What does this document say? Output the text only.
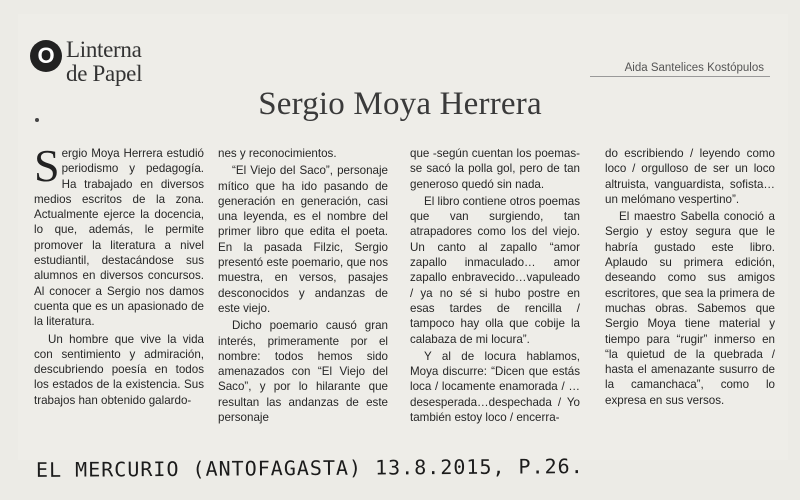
O Linterna
de Papel	Aida Santelices Kostópulos
Sergio Moya Herrera

Sergio Moya Herrera estudió periodismo y pedagogía. Ha trabajado en diversos medios escritos de la zona. Actualmente ejerce la docencia, lo que, además, le permite promover la literatura a nivel estudiantil, destacándose sus alumnos en diversos concursos. Al conocer a Sergio nos damos cuenta que es un apasionado de la literatura.

Un hombre que vive la vida con sentimiento y admiración, descubriendo poesía en todos los estados de la existencia. Sus trabajos han obtenido galardo-

nes y reconocimientos.

“El Viejo del Saco”, personaje mítico que ha ido pasando de generación en generación, casi una leyenda, es el nombre del primer libro que edita el poeta. En la pasada Filzic, Sergio presentó este poemario, que nos muestra, en versos, pasajes desconocidos y andanzas de este viejo.

Dicho poemario causó gran interés, primeramente por el nombre: todos hemos sido amenazados con “El Viejo del Saco”, y por lo hilarante que resultan las andanzas de este personaje

que -según cuentan los poemas- se sacó la polla gol, pero de tan generoso quedó sin nada.

El libro contiene otros poemas que van surgiendo, tan atrapadores como los del viejo. Un canto al zapallo “amor zapallo inmaculado… amor zapallo enbravecido…vapuleado / ya no sé si hubo postre en esas tardes de rencilla / tampoco hay olla que cobije la calabaza de mi locura”.

Y al de locura hablamos, Moya discurre: “Dicen que estás loca / locamente enamorada / …desesperada…despechada / Yo también estoy loco / encerra-

do escribiendo / leyendo como loco / orgulloso de ser un loco altruista, vanguardista, sofista…un melómano vespertino”.

El maestro Sabella conoció a Sergio y estoy segura que le habría gustado este libro. Aplaudo su primera edición, deseando como sus amigos escritores, que sea la primera de muchas obras. Sabemos que Sergio Moya tiene material y tiempo para “rugir” inmerso en “la quietud de la quebrada / hasta el amenazante susurro de la camanchaca”, como lo expresa en sus versos.

EL MERCURIO (ANTOFAGASTA) 13.8.2015, P.26.
